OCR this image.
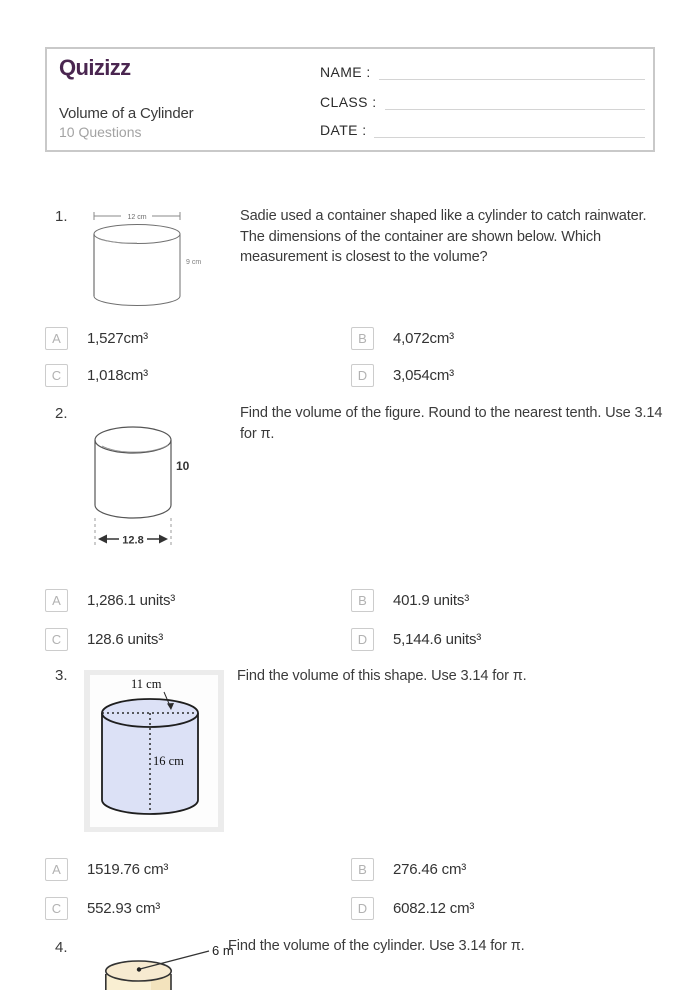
Quizizz
Volume of a Cylinder
10 Questions
NAME :
CLASS :
DATE :
1.	12 cm
9 cm
Sadie used a container shaped like a cylinder to catch rainwater. The dimensions of the container are shown below. Which measurement is closest to the volume?
A	1,527cm³	B	4,072cm³
C	1,018cm³	D	3,054cm³
2.
10
12.8
Find the volume of the figure. Round to the nearest tenth. Use 3.14 for π.
A	1,286.1 units³	B	401.9 units³
C	128.6 units³	D	5,144.6 units³
3.	11 cm
16 cm
Find the volume of this shape. Use 3.14 for π.
A	1519.76 cm³	B	276.46 cm³
C	552.93 cm³	D	6082.12 cm³
4.	6 m
Find the volume of the cylinder. Use 3.14 for π.
